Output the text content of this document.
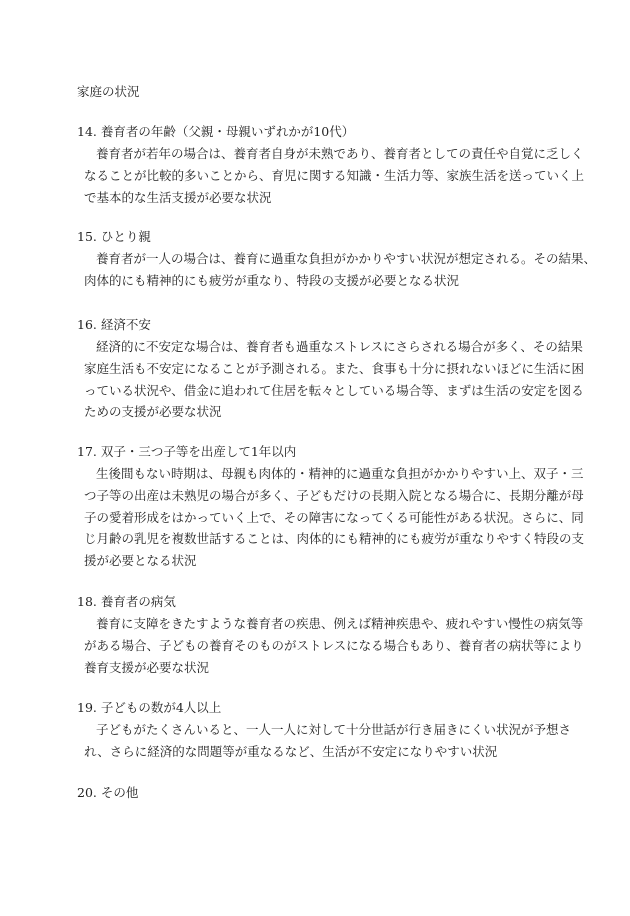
家庭の状況
14. 養育者の年齢（父親・母親いずれかが10代）
養育者が若年の場合は、養育者自身が未熟であり、養育者としての責任や自覚に乏しく
なることが比較的多いことから、育児に関する知識・生活力等、家族生活を送っていく上
で基本的な生活支援が必要な状況
15. ひとり親
養育者が一人の場合は、養育に過重な負担がかかりやすい状況が想定される。その結果、
肉体的にも精神的にも疲労が重なり、特段の支援が必要となる状況
16. 経済不安
経済的に不安定な場合は、養育者も過重なストレスにさらされる場合が多く、その結果
家庭生活も不安定になることが予測される。また、食事も十分に摂れないほどに生活に困
っている状況や、借金に追われて住居を転々としている場合等、まずは生活の安定を図る
ための支援が必要な状況
17. 双子・三つ子等を出産して1年以内
生後間もない時期は、母親も肉体的・精神的に過重な負担がかかりやすい上、双子・三
つ子等の出産は未熟児の場合が多く、子どもだけの長期入院となる場合に、長期分離が母
子の愛着形成をはかっていく上で、その障害になってくる可能性がある状況。さらに、同
じ月齢の乳児を複数世話することは、肉体的にも精神的にも疲労が重なりやすく特段の支
援が必要となる状況
18. 養育者の病気
養育に支障をきたすような養育者の疾患、例えば精神疾患や、疲れやすい慢性の病気等
がある場合、子どもの養育そのものがストレスになる場合もあり、養育者の病状等により
養育支援が必要な状況
19. 子どもの数が4人以上
子どもがたくさんいると、一人一人に対して十分世話が行き届きにくい状況が予想さ
れ、さらに経済的な問題等が重なるなど、生活が不安定になりやすい状況
20. その他
